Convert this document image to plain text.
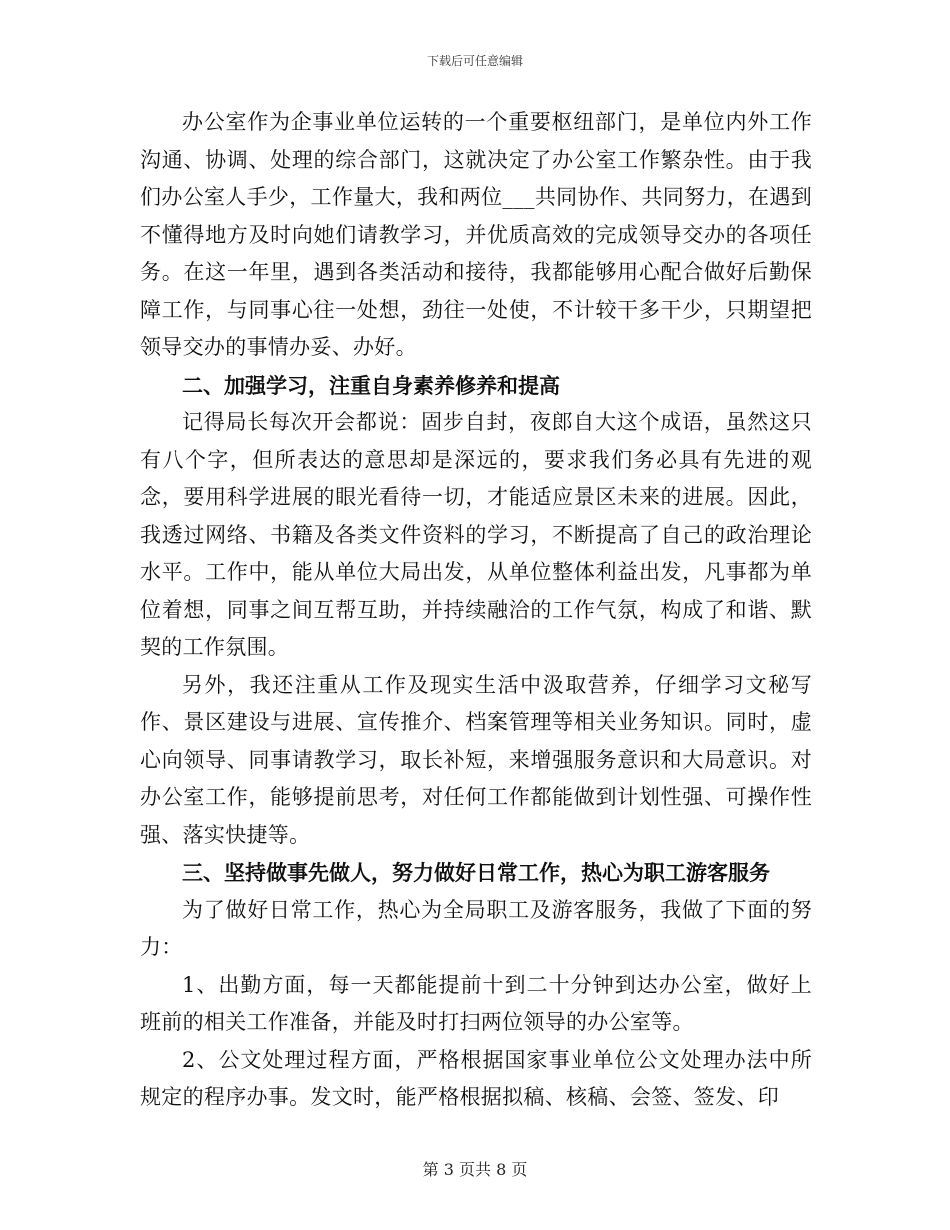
下载后可任意编辑

办公室作为企事业单位运转的一个重要枢纽部门，是单位内外工作沟通、协调、处理的综合部门，这就决定了办公室工作繁杂性。由于我们办公室人手少，工作量大，我和两位___共同协作、共同努力，在遇到不懂得地方及时向她们请教学习，并优质高效的完成领导交办的各项任务。在这一年里，遇到各类活动和接待，我都能够用心配合做好后勤保障工作，与同事心往一处想，劲往一处使，不计较干多干少，只期望把领导交办的事情办妥、办好。

二、加强学习，注重自身素养修养和提高

记得局长每次开会都说：固步自封，夜郎自大这个成语，虽然这只有八个字，但所表达的意思却是深远的，要求我们务必具有先进的观念，要用科学进展的眼光看待一切，才能适应景区未来的进展。因此，我透过网络、书籍及各类文件资料的学习，不断提高了自己的政治理论水平。工作中，能从单位大局出发，从单位整体利益出发，凡事都为单位着想，同事之间互帮互助，并持续融洽的工作气氛，构成了和谐、默契的工作氛围。

另外，我还注重从工作及现实生活中汲取营养，仔细学习文秘写作、景区建设与进展、宣传推介、档案管理等相关业务知识。同时，虚心向领导、同事请教学习，取长补短，来增强服务意识和大局意识。对办公室工作，能够提前思考，对任何工作都能做到计划性强、可操作性强、落实快捷等。

三、坚持做事先做人，努力做好日常工作，热心为职工游客服务

为了做好日常工作，热心为全局职工及游客服务，我做了下面的努力：

1、出勤方面，每一天都能提前十到二十分钟到达办公室，做好上班前的相关工作准备，并能及时打扫两位领导的办公室等。

2、公文处理过程方面，严格根据国家事业单位公文处理办法中所规定的程序办事。发文时，能严格根据拟稿、核稿、会签、签发、印

第 3 页共 8 页
